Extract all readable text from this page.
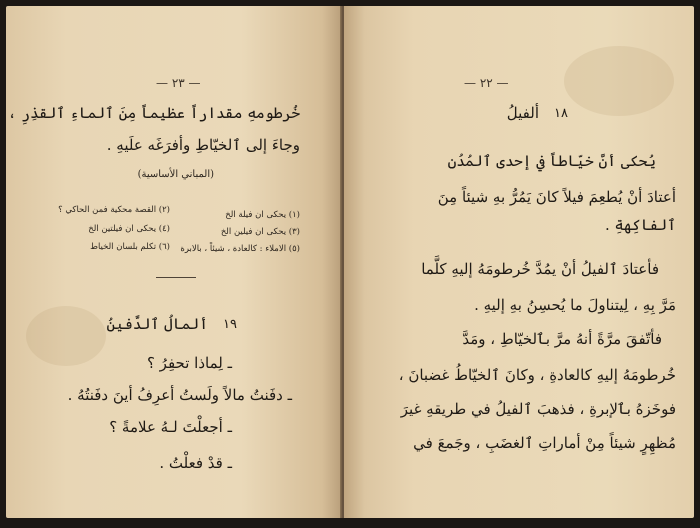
— ٢٣ —
خُرطومهِ مقداراً عظيماً مِنَ ٱلماءِ ٱلقذِرِ ،
وجاءَ إلى ٱلخيّاطِ وأفرَغَه علَيهِ .
(المباني الأساسية)
(١) يحكى ان فيلة الخ
(٢) القصة محكية فمن الحاكي ؟
(٣) يحكى ان فيلين الخ
(٤) يحكى ان فيلتين الخ
(٥) الاملاء : كالعادة ، شيئاً ، بالابرة
(٦) تكلم بلسان الخياط
١٩
ألمالُ ٱلدَّفينُ
ـ لِماذا تحفِرُ ؟
ـ دفَنتُ مالاً ولَستُ أعرِفُ أينَ دفَنتُهُ .
ـ أجعلْتَ لـهُ علامةً ؟
ـ قدْ فعلْتُ .
— ٢٢ —
١٨
ألفيلُ
يُحكى أنَّ خيّاطاً في إحدى ٱلمُدُنِ
أعتادَ أنْ يُطعِمَ فيلاً كانَ يَمُرُّ بهِ شيئاً مِنَ
ٱلفاكِهةِ .
فأعتادَ ٱلفيلُ أنْ يمُدَّ خُرطومَهُ إليهِ كلَّما
مَرَّ بِهِ ، لِيتناولَ ما يُحسِنُ بهِ إليهِ .
فأتّفقَ مرَّةً أنهُ مرَّ بٱلخيّاطِ ، ومَدَّ
خُرطومَهُ إليهِ كالعادةِ ، وكانَ ٱلخيّاطُ غضبانَ ،
فوخَزهُ بٱلإبرةِ ، فذهبَ ٱلفيلُ في طريقهِ غيرَ
مُظهِرٍ شيئاً مِنْ أماراتِ ٱلغضَبِ ، وجَمعَ في
